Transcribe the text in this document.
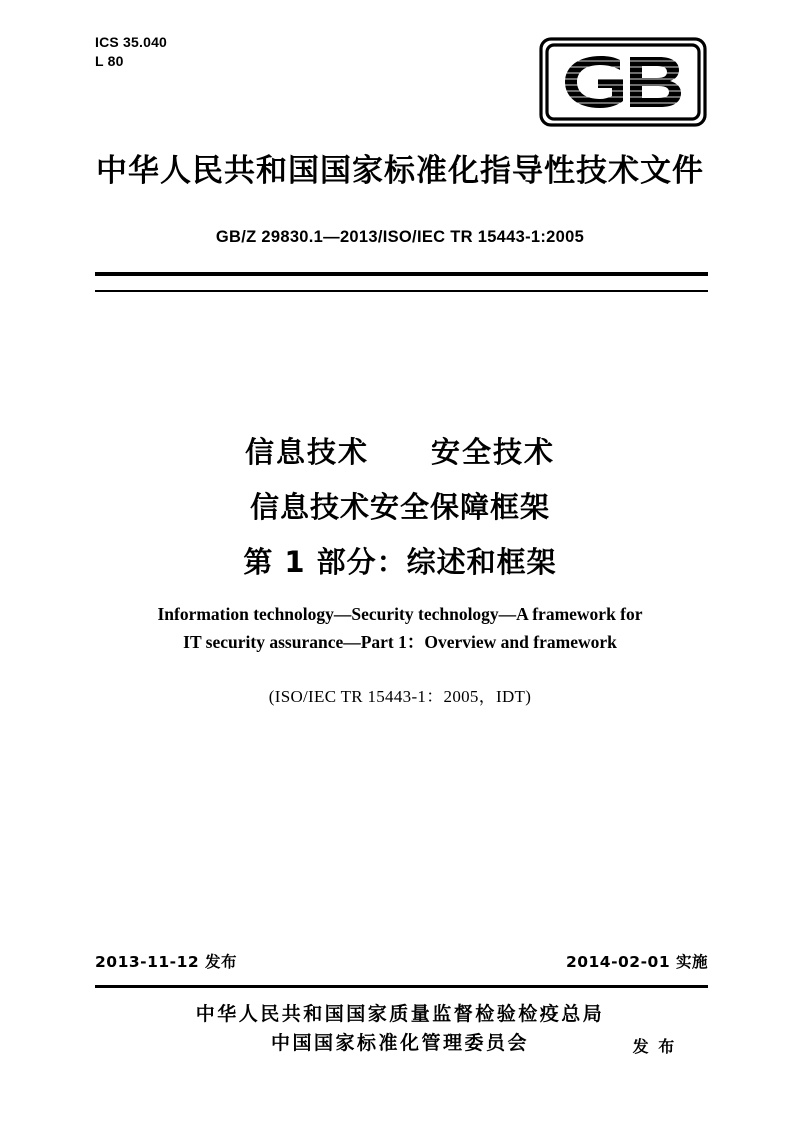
ICS 35.040
L 80
中华人民共和国国家标准化指导性技术文件
GB/Z 29830.1—2013/ISO/IEC TR 15443-1:2005
信息技术　　安全技术
信息技术安全保障框架
第 1 部分：综述和框架
Information technology—Security technology—A framework for
IT security assurance—Part 1：Overview and framework
(ISO/IEC TR 15443-1：2005，IDT)
2013-11-12 发布	2014-02-01 实施
中华人民共和国国家质量监督检验检疫总局
中国国家标准化管理委员会	发 布
